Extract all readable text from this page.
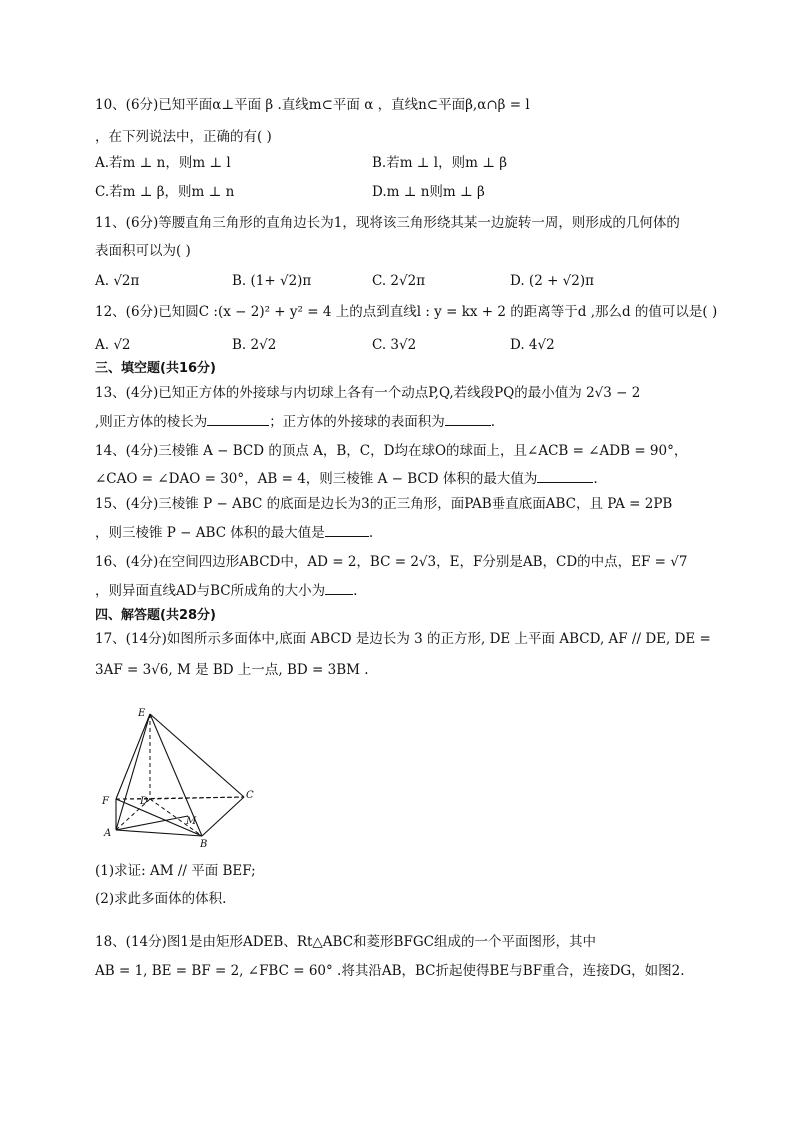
10、(6分)已知平面α⊥平面 β .直线m⊂平面 α ，直线n⊂平面β,α∩β = l
，在下列说法中，正确的有( )
A.若m ⊥ n，则m ⊥ l	B.若m ⊥ l，则m ⊥ β
C.若m ⊥ β，则m ⊥ n	D.m ⊥ n则m ⊥ β
11、(6分)等腰直角三角形的直角边长为1，现将该三角形绕其某一边旋转一周，则形成的几何体的
表面积可以为( )
A. √2π	B. (1+ √2)π	C. 2√2π	D. (2 + √2)π
12、(6分)已知圆C :(x − 2)² + y² = 4 上的点到直线l : y = kx + 2 的距离等于d ,那么d 的值可以是( )
A. √2	B. 2√2	C. 3√2	D. 4√2
三、填空题(共16分)
13、(4分)已知正方体的外接球与内切球上各有一个动点P,Q,若线段PQ的最小值为 2√3 − 2
,则正方体的棱长为	；正方体的外接球的表面积为	.
14、(4分)三棱锥 A − BCD 的顶点 A，B，C，D均在球O的球面上，且∠ACB = ∠ADB = 90°，
∠CAO = ∠DAO = 30°，AB = 4，则三棱锥 A − BCD 体积的最大值为	.
15、(4分)三棱锥 P − ABC 的底面是边长为3的正三角形，面PAB垂直底面ABC，且 PA = 2PB
，则三棱锥 P − ABC 体积的最大值是	.
16、(4分)在空间四边形ABCD中，AD = 2，BC = 2√3，E，F分别是AB，CD的中点，EF = √7
，则异面直线AD与BC所成角的大小为 .
四、解答题(共28分)
17、(14分)如图所示多面体中,底面 ABCD 是边长为 3 的正方形, DE 上平面 ABCD, AF // DE, DE =
3AF = 3√6, M 是 BD 上一点, BD = 3BM .
E
F	D
C
M
A
B
(1)求证: AM // 平面 BEF;
(2)求此多面体的体积.
18、(14分)图1是由矩形ADEB、Rt△ABC和菱形BFGC组成的一个平面图形，其中
AB = 1, BE = BF = 2, ∠FBC = 60° .将其沿AB，BC折起使得BE与BF重合，连接DG，如图2.
